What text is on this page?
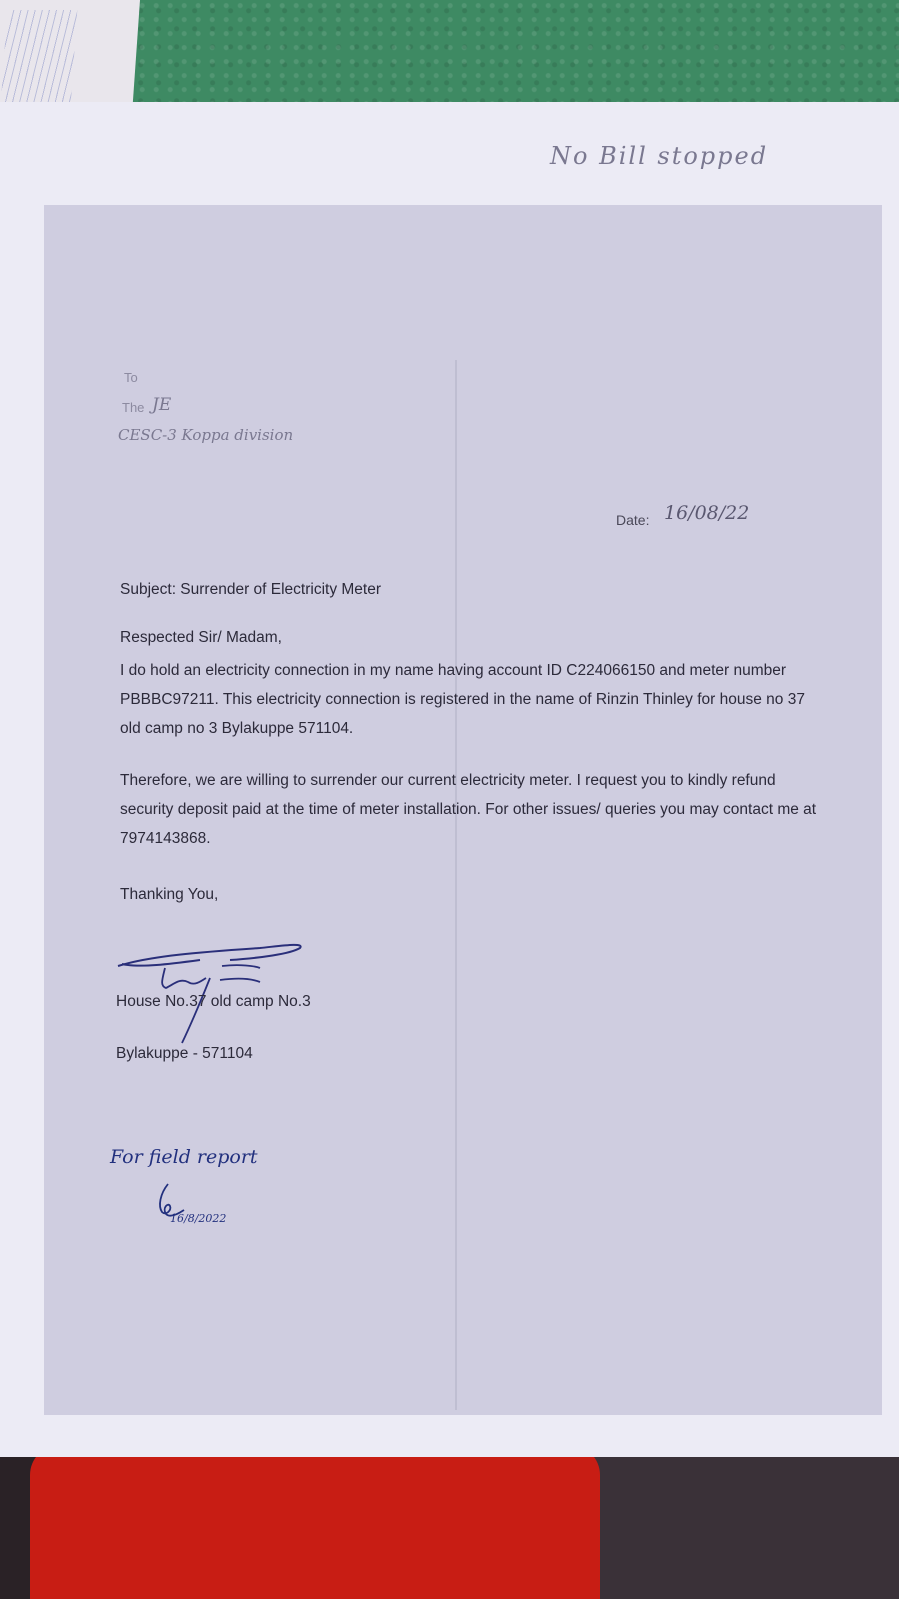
No Bill stopped
To
The JE
CESC-3 Koppa division
Date: 16/08/22
Subject: Surrender of Electricity Meter
Respected Sir/ Madam,
I do hold an electricity connection in my name having account ID C224066150 and meter number PBBBC97211. This electricity connection is registered in the name of Rinzin Thinley for house no 37 old camp no 3 Bylakuppe 571104.
Therefore, we are willing to surrender our current electricity meter. I request you to kindly refund security deposit paid at the time of meter installation. For other issues/ queries you may contact me at 7974143868.
Thanking You,
House No.37 old camp No.3
Bylakuppe - 571104
For field report
16/8/2022
